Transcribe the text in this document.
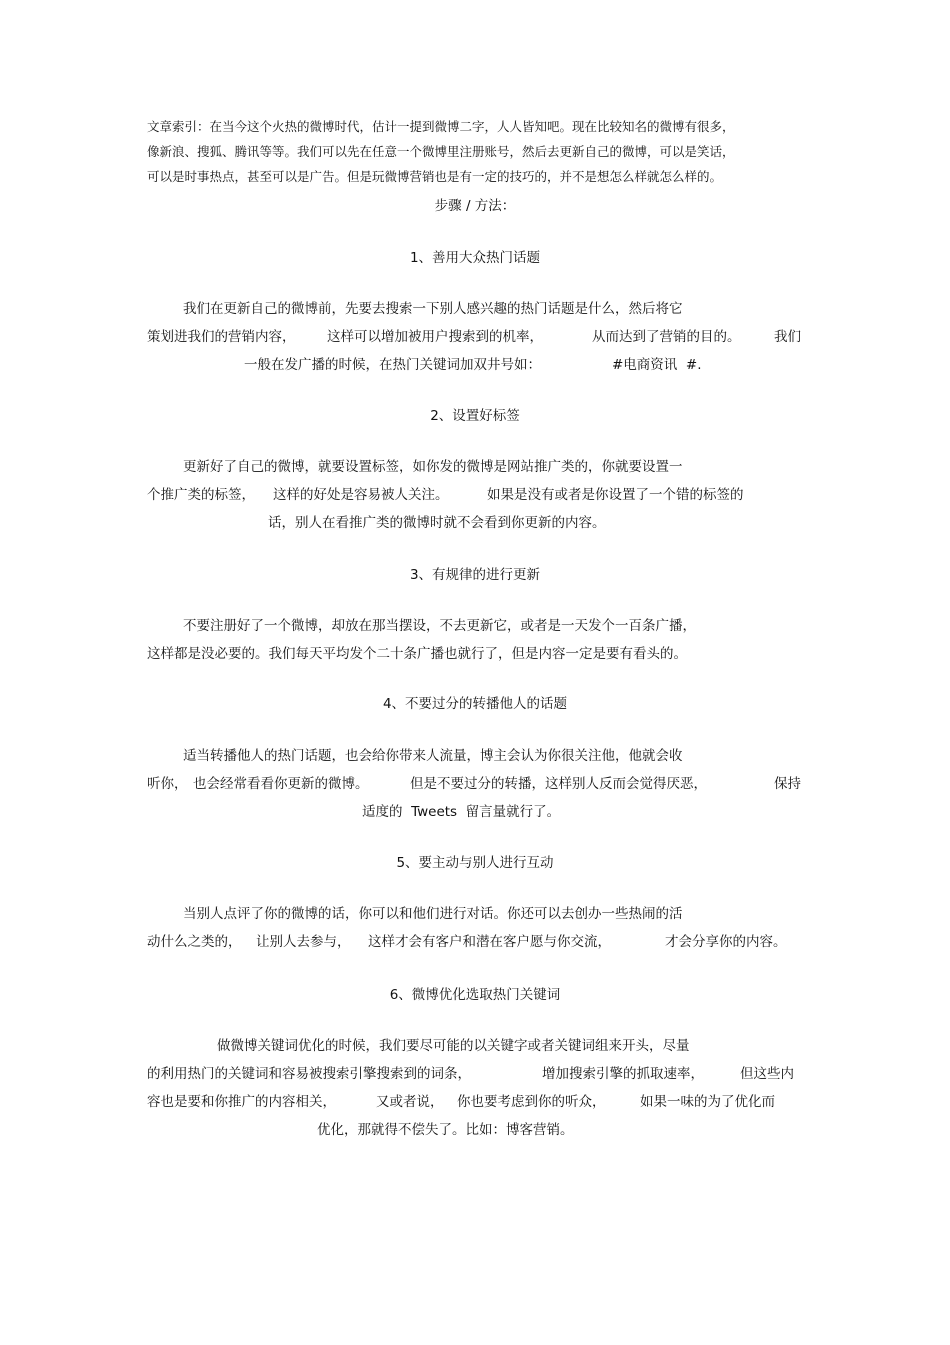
文章索引：在当今这个火热的微博时代，估计一提到微博二字，人人皆知吧。现在比较知名的微博有很多，
像新浪、搜狐、腾讯等等。我们可以先在任意一个微博里注册账号，然后去更新自己的微博，可以是笑话，
可以是时事热点，甚至可以是广告。但是玩微博营销也是有一定的技巧的，并不是想怎么样就怎么样的。
步骤 / 方法：
1、善用大众热门话题
我们在更新自己的微博前，先要去搜索一下别人感兴趣的热门话题是什么，然后将它
策划进我们的营销内容， 这样可以增加被用户搜索到的机率，	从而达到了营销的目的。 我们
一般在发广播的时候，在热门关键词加双井号如：	#电商资讯  #.
2、设置好标签
更新好了自己的微博，就要设置标签，如你发的微博是网站推广类的，你就要设置一
个推广类的标签， 这样的好处是容易被人关注。	如果是没有或者是你设置了一个错的标签的
话，别人在看推广类的微博时就不会看到你更新的内容。
3、有规律的进行更新
不要注册好了一个微博，却放在那当摆设，不去更新它，或者是一天发个一百条广播，
这样都是没必要的。我们每天平均发个二十条广播也就行了，但是内容一定是要有看头的。
4、不要过分的转播他人的话题
适当转播他人的热门话题，也会给你带来人流量，博主会认为你很关注他，他就会收
听你， 也会经常看看你更新的微博。	但是不要过分的转播，这样别人反而会觉得厌恶，	保持
适度的  Tweets  留言量就行了。
5、要主动与别人进行互动
当别人点评了你的微博的话，你可以和他们进行对话。你还可以去创办一些热闹的活
动什么之类的， 让别人去参与， 这样才会有客户和潜在客户愿与你交流，	才会分享你的内容。
6、微博优化选取热门关键词
做微博关键词优化的时候，我们要尽可能的以关键字或者关键词组来开头，尽量
的利用热门的关键词和容易被搜索引擎搜索到的词条，	增加搜索引擎的抓取速率，	但这些内
容也是要和你推广的内容相关，	又或者说， 你也要考虑到你的听众，	如果一味的为了优化而
优化，那就得不偿失了。比如：博客营销。
